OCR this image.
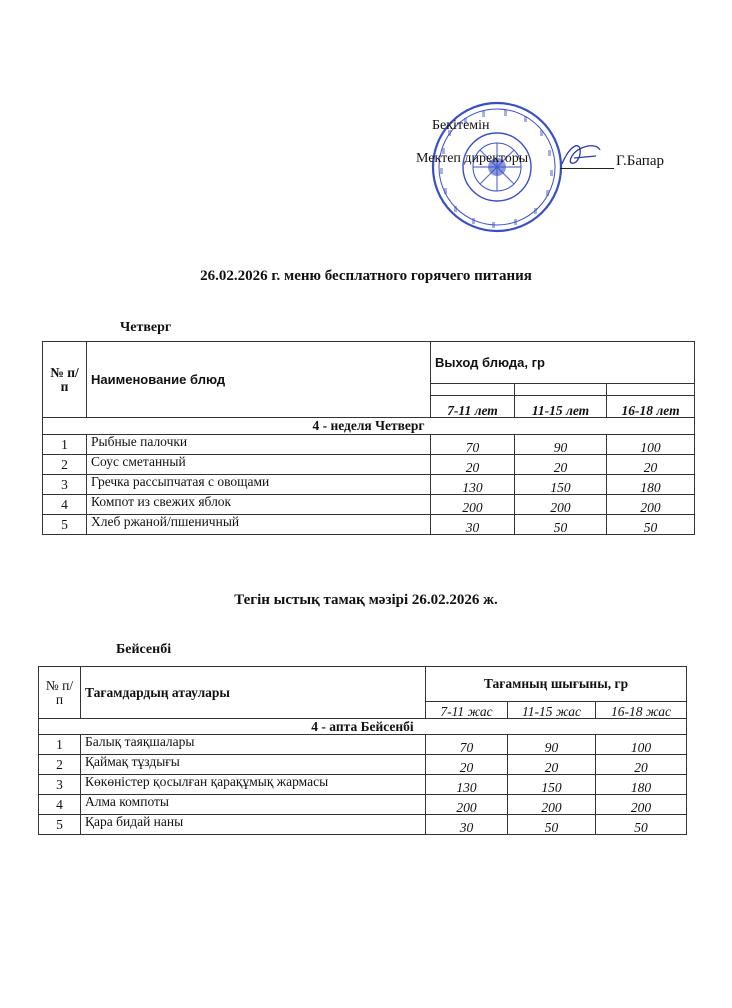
Бекітемін
Мектеп директоры	Г.Бапар
26.02.2026 г. меню бесплатного горячего питания
Четверг
№ п/п	Наименование блюд	Выход блюда, гр		

		7-11 лет	11-15 лет	16-18 лет
4 - неделя Четверг				
1	Рыбные палочки	70	90	100
2	Соус сметанный	20	20	20
3	Гречка рассыпчатая с овощами	130	150	180
4	Компот из свежих яблок	200	200	200
5	Хлеб ржаной/пшеничный	30	50	50
Тегін ыстық тамақ мәзірі 26.02.2026 ж.
Бейсенбі
№ п/п	Тағамдардың атаулары	Тағамның шығыны, гр		
		7-11 жас	11-15 жас	16-18 жас
4 - апта Бейсенбі				
1	Балық таяқшалары	70	90	100
2	Қаймақ тұздығы	20	20	20
3	Көкөністер қосылған қарақұмық жармасы	130	150	180
4	Алма компоты	200	200	200
5	Қара бидай наны	30	50	50
